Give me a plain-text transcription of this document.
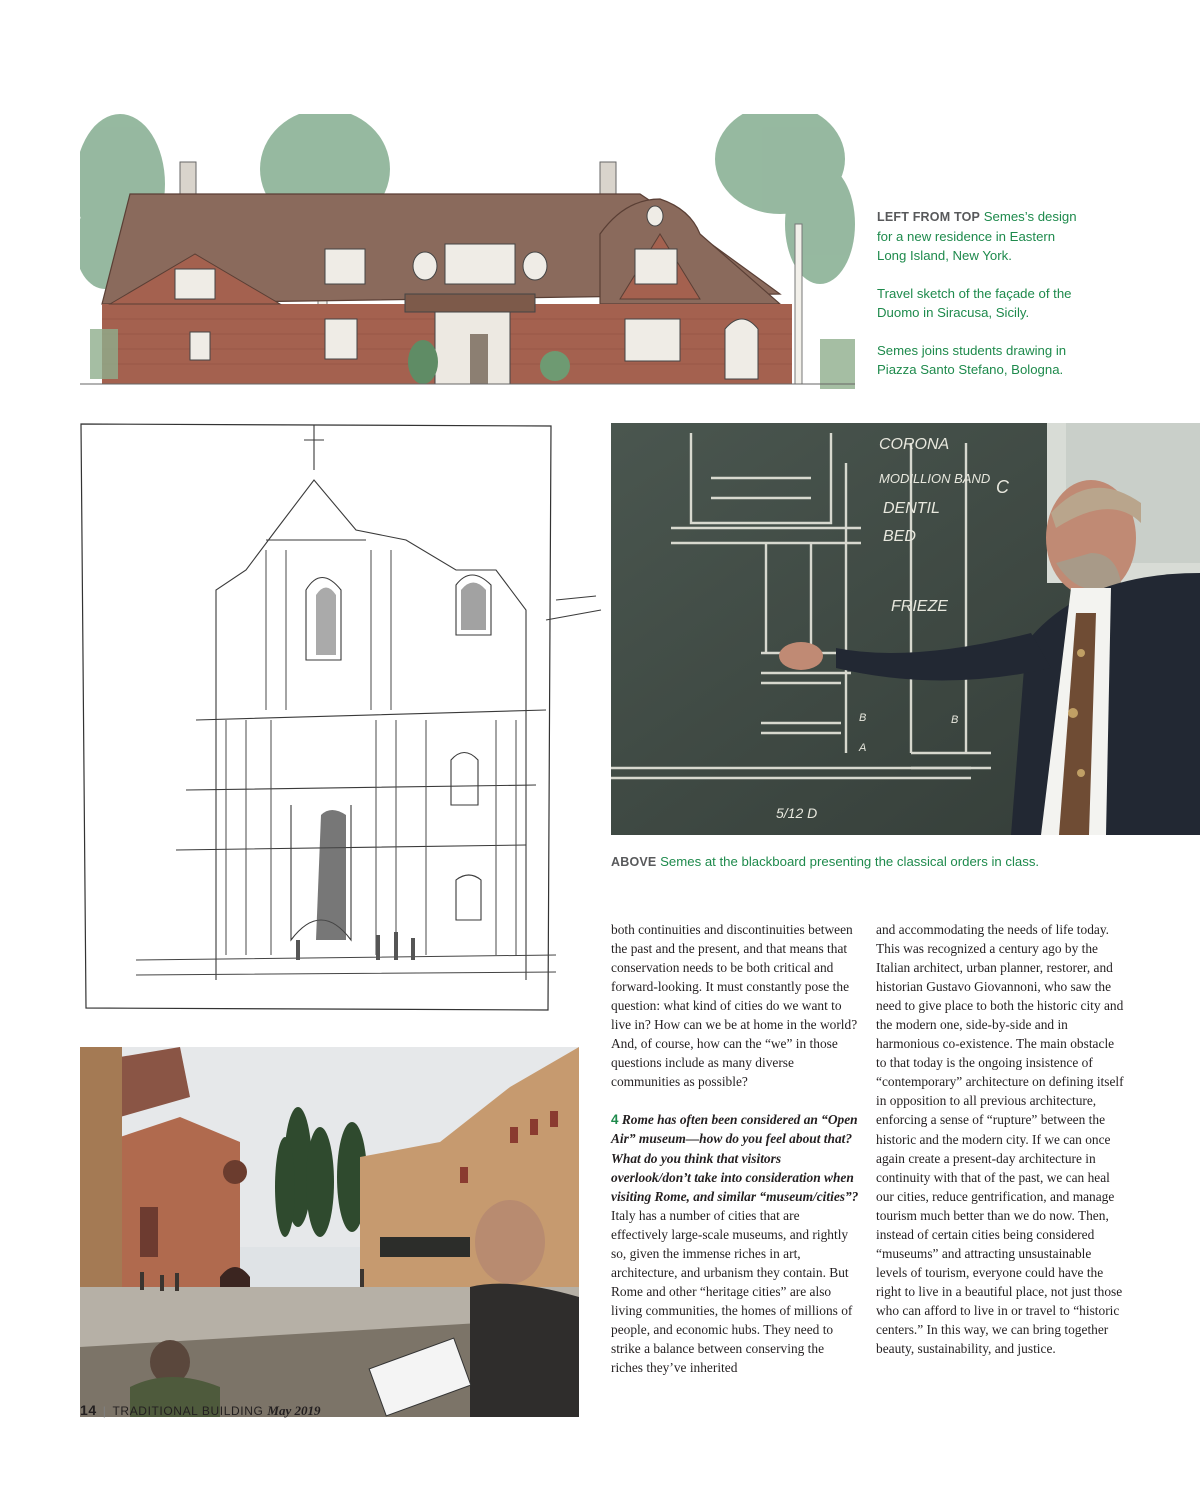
LEFT FROM TOP Semes’s design for a new residence in Eastern Long Island, New York.

Travel sketch of the façade of the Duomo in Siracusa, Sicily.

Semes joins students drawing in Piazza Santo Stefano, Bologna.

CORONA
MODILLION BAND
DENTIL
BED
FRIEZE
5/12 D
A
B	B
C
ABOVE Semes at the blackboard presenting the classical orders in class.

both continuities and discontinuities between the past and the present, and that means that conservation needs to be both critical and forward-looking. It must constantly pose the question: what kind of cities do we want to live in? How can we be at home in the world? And, of course, how can the “we” in those questions include as many diverse communities as possible?

4 Rome has often been considered an “Open Air” museum—how do you feel about that? What do you think that visitors overlook/don’t take into consideration when visiting Rome, and similar “museum/cities”? Italy has a number of cities that are effectively large-scale museums, and rightly so, given the immense riches in art, architecture, and urbanism they contain. But Rome and other “heritage cities” are also living communities, the homes of millions of people, and economic hubs. They need to strike a balance between conserving the riches they’ve inherited

and accommodating the needs of life today. This was recognized a century ago by the Italian architect, urban planner, restorer, and historian Gustavo Giovannoni, who saw the need to give place to both the historic city and the modern one, side-by-side and in harmonious co-existence. The main obstacle to that today is the ongoing insistence of “contemporary” architecture on defining itself in opposition to all previous architecture, enforcing a sense of “rupture” between the historic and the modern city. If we can once again create a present-day architecture in continuity with that of the past, we can heal our cities, reduce gentrification, and manage tourism much better than we do now. Then, instead of certain cities being considered “museums” and attracting unsustainable levels of tourism, everyone could have the right to live in a beautiful place, not just those who can afford to live in or travel to “historic centers.” In this way, we can bring together beauty, sustainability, and justice.

14 | TRADITIONAL BUILDING May 2019
